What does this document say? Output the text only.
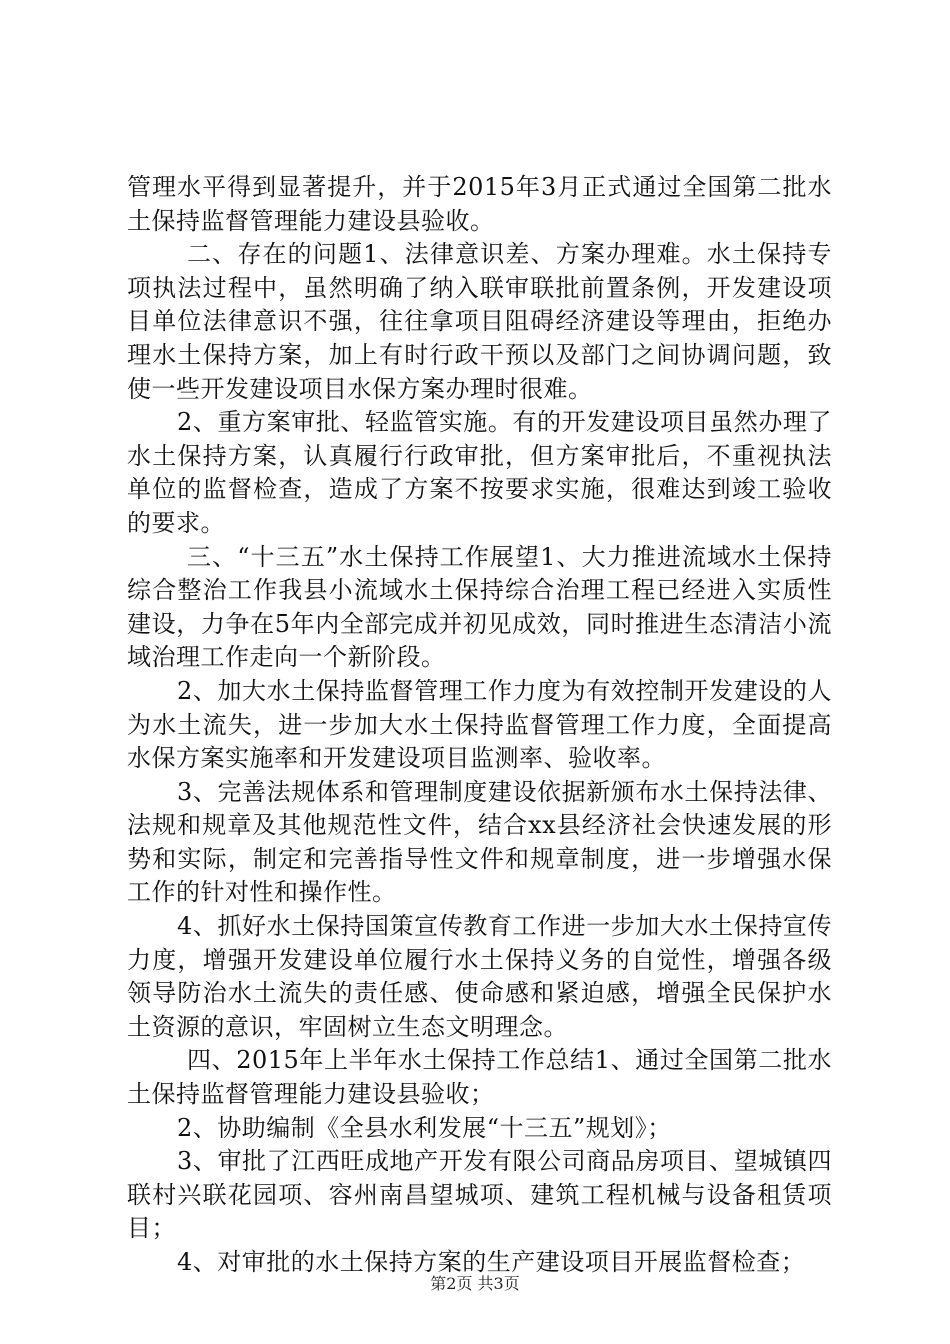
管理水平得到显著提升，并于2015年3月正式通过全国第二批水土保持监督管理能力建设县验收。

二、存在的问题1、法律意识差、方案办理难。水土保持专项执法过程中，虽然明确了纳入联审联批前置条例，开发建设项目单位法律意识不强，往往拿项目阻碍经济建设等理由，拒绝办理水土保持方案，加上有时行政干预以及部门之间协调问题，致使一些开发建设项目水保方案办理时很难。

2、重方案审批、轻监管实施。有的开发建设项目虽然办理了水土保持方案，认真履行行政审批，但方案审批后，不重视执法单位的监督检查，造成了方案不按要求实施，很难达到竣工验收的要求。

三、“十三五”水土保持工作展望1、大力推进流域水土保持综合整治工作我县小流域水土保持综合治理工程已经进入实质性建设，力争在5年内全部完成并初见成效，同时推进生态清洁小流域治理工作走向一个新阶段。

2、加大水土保持监督管理工作力度为有效控制开发建设的人为水土流失，进一步加大水土保持监督管理工作力度，全面提高水保方案实施率和开发建设项目监测率、验收率。

3、完善法规体系和管理制度建设依据新颁布水土保持法律、法规和规章及其他规范性文件，结合xx县经济社会快速发展的形势和实际，制定和完善指导性文件和规章制度，进一步增强水保工作的针对性和操作性。

4、抓好水土保持国策宣传教育工作进一步加大水土保持宣传力度，增强开发建设单位履行水土保持义务的自觉性，增强各级领导防治水土流失的责任感、使命感和紧迫感，增强全民保护水土资源的意识，牢固树立生态文明理念。

四、2015年上半年水土保持工作总结1、通过全国第二批水土保持监督管理能力建设县验收；

2、协助编制《全县水利发展“十三五”规划》；

3、审批了江西旺成地产开发有限公司商品房项目、望城镇四联村兴联花园项、容州南昌望城项、建筑工程机械与设备租赁项目；

4、对审批的水土保持方案的生产建设项目开展监督检查；

第2页 共3页
